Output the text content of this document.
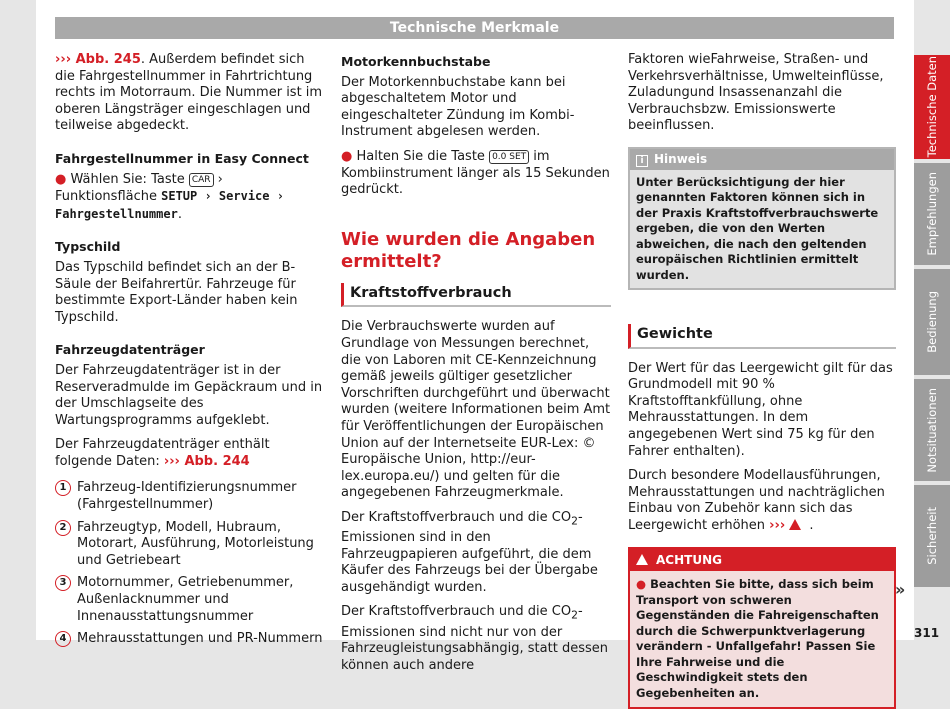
Technische Merkmale

››› Abb. 245. Außerdem befindet sich die Fahrgestellnummer in Fahrtrichtung rechts im Motorraum. Die Nummer ist im oberen Längsträger eingeschlagen und teilweise abgedeckt.

Fahrgestellnummer in Easy Connect

● Wählen Sie: Taste CAR › Funktionsfläche SETUP › Service › Fahrgestellnummer.

Typschild

Das Typschild befindet sich an der B-Säule der Beifahrertür. Fahrzeuge für bestimmte Export-Länder haben kein Typschild.

Fahrzeugdatenträger

Der Fahrzeugdatenträger ist in der Reserveradmulde im Gepäckraum und in der Umschlagseite des Wartungsprogramms aufgeklebt.

Der Fahrzeugdatenträger enthält folgende Daten: ››› Abb. 244

1 Fahrzeug-Identifizierungsnummer (Fahrgestellnummer)
2 Fahrzeugtyp, Modell, Hubraum, Motorart, Ausführung, Motorleistung und Getriebeart
3 Motornummer, Getriebenummer, Außenlacknummer und Innenausstattungsnummer
4 Mehrausstattungen und PR-Nummern
Motorkennbuchstabe

Der Motorkennbuchstabe kann bei abgeschaltetem Motor und eingeschalteter Zündung im Kombi-Instrument abgelesen werden.

● Halten Sie die Taste 0.0 SET im Kombiinstrument länger als 15 Sekunden gedrückt.

Wie wurden die Angaben ermittelt?
Kraftstoffverbrauch

Die Verbrauchswerte wurden auf Grundlage von Messungen berechnet, die von Laboren mit CE-Kennzeichnung gemäß jeweils gültiger gesetzlicher Vorschriften durchgeführt und überwacht wurden (weitere Informationen beim Amt für Veröffentlichungen der Europäischen Union auf der Internetseite EUR-Lex: © Europäische Union, http://eur-lex.europa.eu/) und gelten für die angegebenen Fahrzeugmerkmale.

Der Kraftstoffverbrauch und die $CO_2$-Emissionen sind in den Fahrzeugpapieren aufgeführt, die dem Käufer des Fahrzeugs bei der Übergabe ausgehändigt wurden.

Der Kraftstoffverbrauch und die $CO_2$-Emissionen sind nicht nur von der Fahrzeugleistungsabhängig, statt dessen können auch andere

Faktoren wieFahrweise, Straßen- und Verkehrsverhältnisse, Umweltеinflüsse, Zuladungund Insassenanzahl die Verbrauchsbzw. Emissionswerte beeinflussen.

i Hinweis
Unter Berücksichtigung der hier genannten Faktoren können sich in der Praxis Kraftstoffverbrauchswerte ergeben, die von den Werten abweichen, die nach den geltenden europäischen Richtlinien ermittelt wurden.
Gewichte

Der Wert für das Leergewicht gilt für das Grundmodell mit 90 % Kraftstofftankfüllung, ohne Mehrausstattungen. In dem angegebenen Wert sind 75 kg für den Fahrer enthalten).

Durch besondere Modellausführungen, Mehrausstattungen und nachträglichen Einbau von Zubehör kann sich das Leergewicht erhöhen ››› .

ACHTUNG
● Beachten Sie bitte, dass sich beim Transport von schweren Gegenständen die Fahreigenschaften durch die Schwerpunktverlagerung verändern - Unfallgefahr! Passen Sie Ihre Fahrweise und die Geschwindigkeit stets den Gegebenheiten an.
»
Technische Daten
Empfehlungen
Bedienung
Notsituationen
Sicherheit
311
